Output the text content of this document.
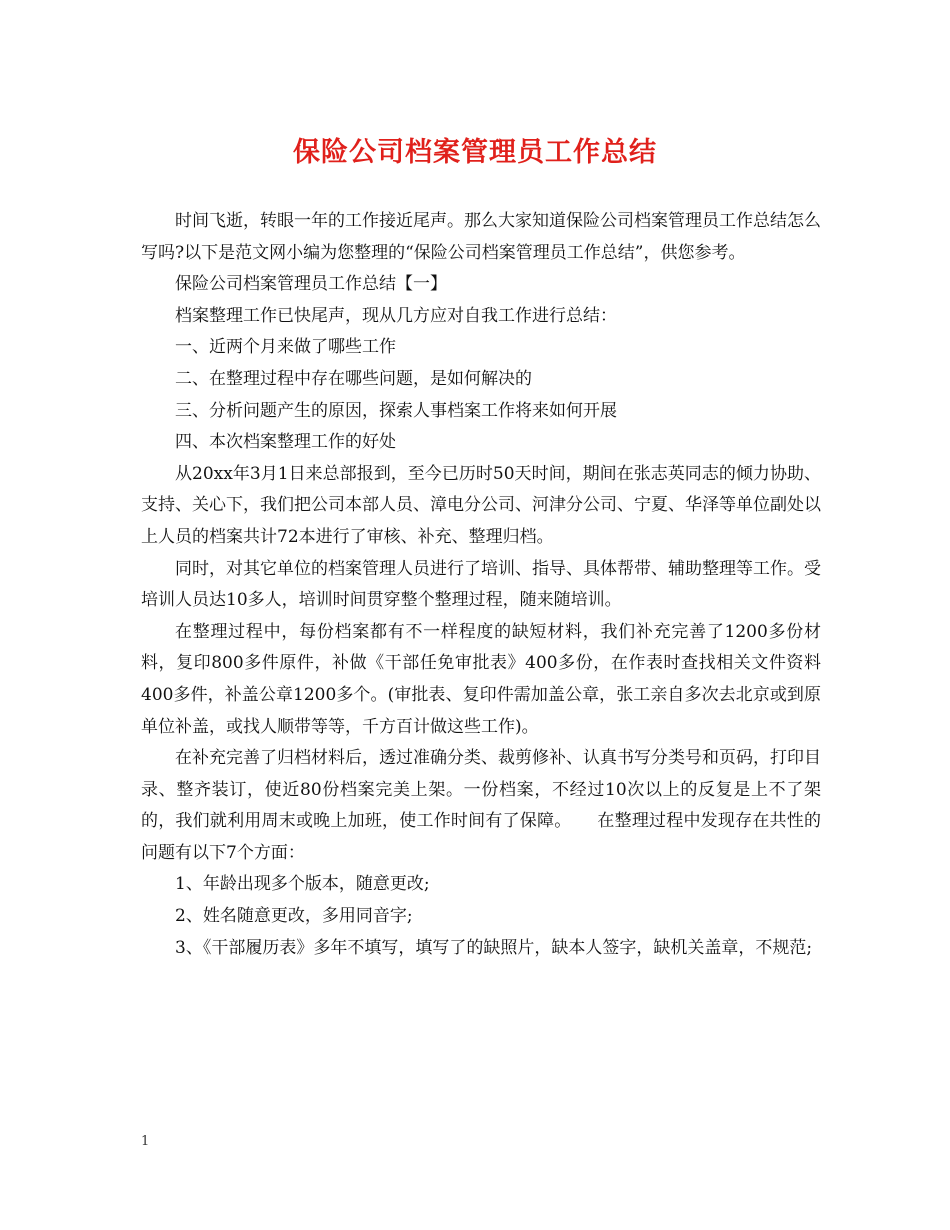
保险公司档案管理员工作总结

时间飞逝，转眼一年的工作接近尾声。那么大家知道保险公司档案管理员工作总结怎么写吗?以下是范文网小编为您整理的“保险公司档案管理员工作总结”，供您参考。

保险公司档案管理员工作总结【一】

档案整理工作已快尾声，现从几方应对自我工作进行总结：

一、近两个月来做了哪些工作

二、在整理过程中存在哪些问题，是如何解决的

三、分析问题产生的原因，探索人事档案工作将来如何开展

四、本次档案整理工作的好处

从20xx年3月1日来总部报到，至今已历时50天时间，期间在张志英同志的倾力协助、支持、关心下，我们把公司本部人员、漳电分公司、河津分公司、宁夏、华泽等单位副处以上人员的档案共计72本进行了审核、补充、整理归档。

同时，对其它单位的档案管理人员进行了培训、指导、具体帮带、辅助整理等工作。受培训人员达10多人，培训时间贯穿整个整理过程，随来随培训。

在整理过程中，每份档案都有不一样程度的缺短材料，我们补充完善了1200多份材料，复印800多件原件，补做《干部任免审批表》400多份，在作表时查找相关文件资料400多件，补盖公章1200多个。(审批表、复印件需加盖公章，张工亲自多次去北京或到原单位补盖，或找人顺带等等，千方百计做这些工作)。

在补充完善了归档材料后，透过准确分类、裁剪修补、认真书写分类号和页码，打印目录、整齐装订，使近80份档案完美上架。一份档案，不经过10次以上的反复是上不了架的，我们就利用周末或晚上加班，使工作时间有了保障。　　在整理过程中发现存在共性的问题有以下7个方面：

1、年龄出现多个版本，随意更改;

2、姓名随意更改，多用同音字;

3、《干部履历表》多年不填写，填写了的缺照片，缺本人签字，缺机关盖章，不规范;

1
